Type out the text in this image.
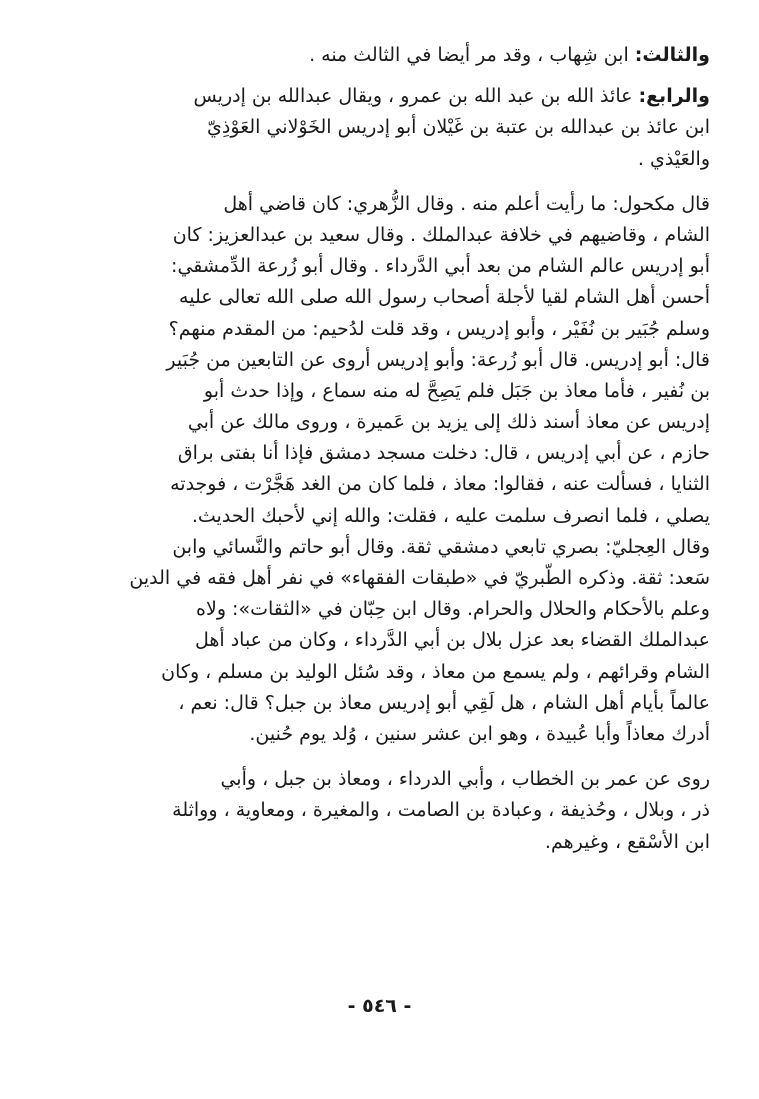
والثالث: ابن شِهاب ، وقد مر أيضا في الثالث منه .
والرابع: عائذ الله بن عبد الله بن عمرو ، ويقال عبدالله بن إدريس
ابن عائذ بن عبدالله بن عتبة بن غَيْلان أبو إدريس الخَوْلاني العَوْذِيّ
والعَيْذي .
قال مكحول: ما رأيت أعلم منه . وقال الزُّهري: كان قاضي أهل
الشام ، وقاضيهم في خلافة عبدالملك . وقال سعيد بن عبدالعزيز: كان
أبو إدريس عالم الشام من بعد أبي الدَّرداء . وقال أبو زُرعة الدِّمشقي:
أحسن أهل الشام لقيا لأجلة أصحاب رسول الله صلى الله تعالى عليه
وسلم جُبَير بن نُفَيْر ، وأبو إدريس ، وقد قلت لدُحيم: من المقدم منهم؟
قال: أبو إدريس. قال أبو زُرعة: وأبو إدريس أروى عن التابعين من جُبَير
بن نُفير ، فأما معاذ بن جَبَل فلم يَصِحَّ له منه سماع ، وإذا حدث أبو
إدريس عن معاذ أسند ذلك إلى يزيد بن عَميرة ، وروى مالك عن أبي
حازم ، عن أبي إدريس ، قال: دخلت مسجد دمشق فإذا أنا بفتى براق
الثنايا ، فسألت عنه ، فقالوا: معاذ ، فلما كان من الغد هَجَّرْت ، فوجدته
يصلي ، فلما انصرف سلمت عليه ، فقلت: والله إني لأحبك الحديث.
وقال العِجليّ: بصري تابعي دمشقي ثقة. وقال أبو حاتم والنَّسائي وابن
سَعد: ثقة. وذكره الطَّبريّ في «طبقات الفقهاء» في نفر أهل فقه في الدين
وعلم بالأحكام والحلال والحرام. وقال ابن حِبّان في «الثقات»: ولاه
عبدالملك القضاء بعد عزل بلال بن أبي الدَّرداء ، وكان من عباد أهل
الشام وقرائهم ، ولم يسمع من معاذ ، وقد سُئل الوليد بن مسلم ، وكان
عالماً بأيام أهل الشام ، هل لَقِي أبو إدريس معاذ بن جبل؟ قال: نعم ،
أدرك معاذاً وأبا عُبيدة ، وهو ابن عشر سنين ، وُلد يوم حُنين.
روى عن عمر بن الخطاب ، وأبي الدرداء ، ومعاذ بن جبل ، وأبي
ذر ، وبلال ، وحُذيفة ، وعبادة بن الصامت ، والمغيرة ، ومعاوية ، وواثلة
ابن الأسْقع ، وغيرهم.
- ٥٤٦ -
